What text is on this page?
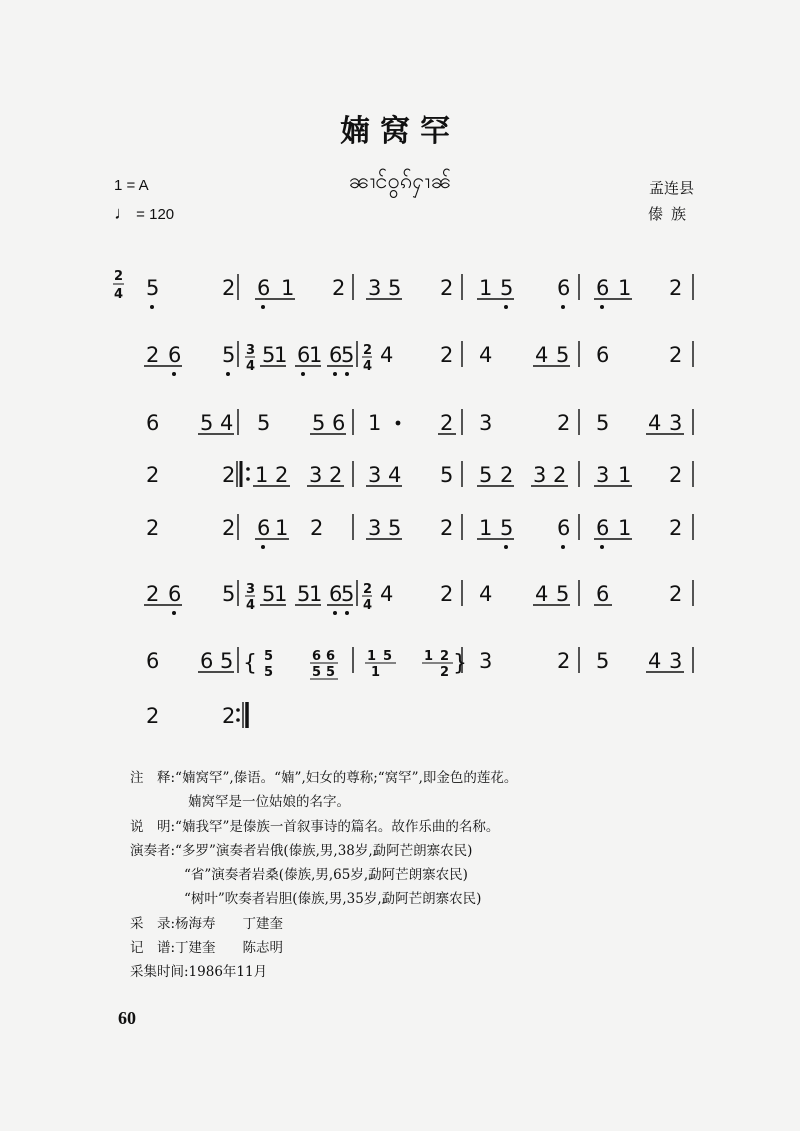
婻窝罕
ၼၢင်ဝွၵ်ႁၢၼ်
1 = A
♩ = 120
孟连县
傣族
2
4 5	2 6 1 2 3 5 2 1 5 6 6 1 2
2 6 5 3
4 5
1 6
1 6
5 2
4 4 2 4 4 5 6	2
6 5 4 5 5 6 1	2 3	2 5 4 3
2	2 1 2 3 2 3 4 5 5 2 3 2 3 1 2
2	2 6 1 2 3 5 2 1 5 6 6 1 2
2 6 5 3
4 5
1 5
1 6
5 2
4 4 2 4 4 5 6	2
6 6 5 { 5
5
6 6
5 5
1 5
1
1 2
2 } 3	2 5 4 3
2	2
注　释:“婻窝罕”,傣语。“婻”,妇女的尊称;“窝罕”,即金色的莲花。
婻窝罕是一位姑娘的名字。
说　明:“婻我罕”是傣族一首叙事诗的篇名。故作乐曲的名称。
演奏者:“多罗”演奏者岩俄(傣族,男,38岁,勐阿芒朗寨农民)
“省”演奏者岩桑(傣族,男,65岁,勐阿芒朗寨农民)
“树叶”吹奏者岩胆(傣族,男,35岁,勐阿芒朗寨农民)
采　录:杨海寿　　丁建奎
记　谱:丁建奎　　陈志明
采集时间:1986年11月
60
